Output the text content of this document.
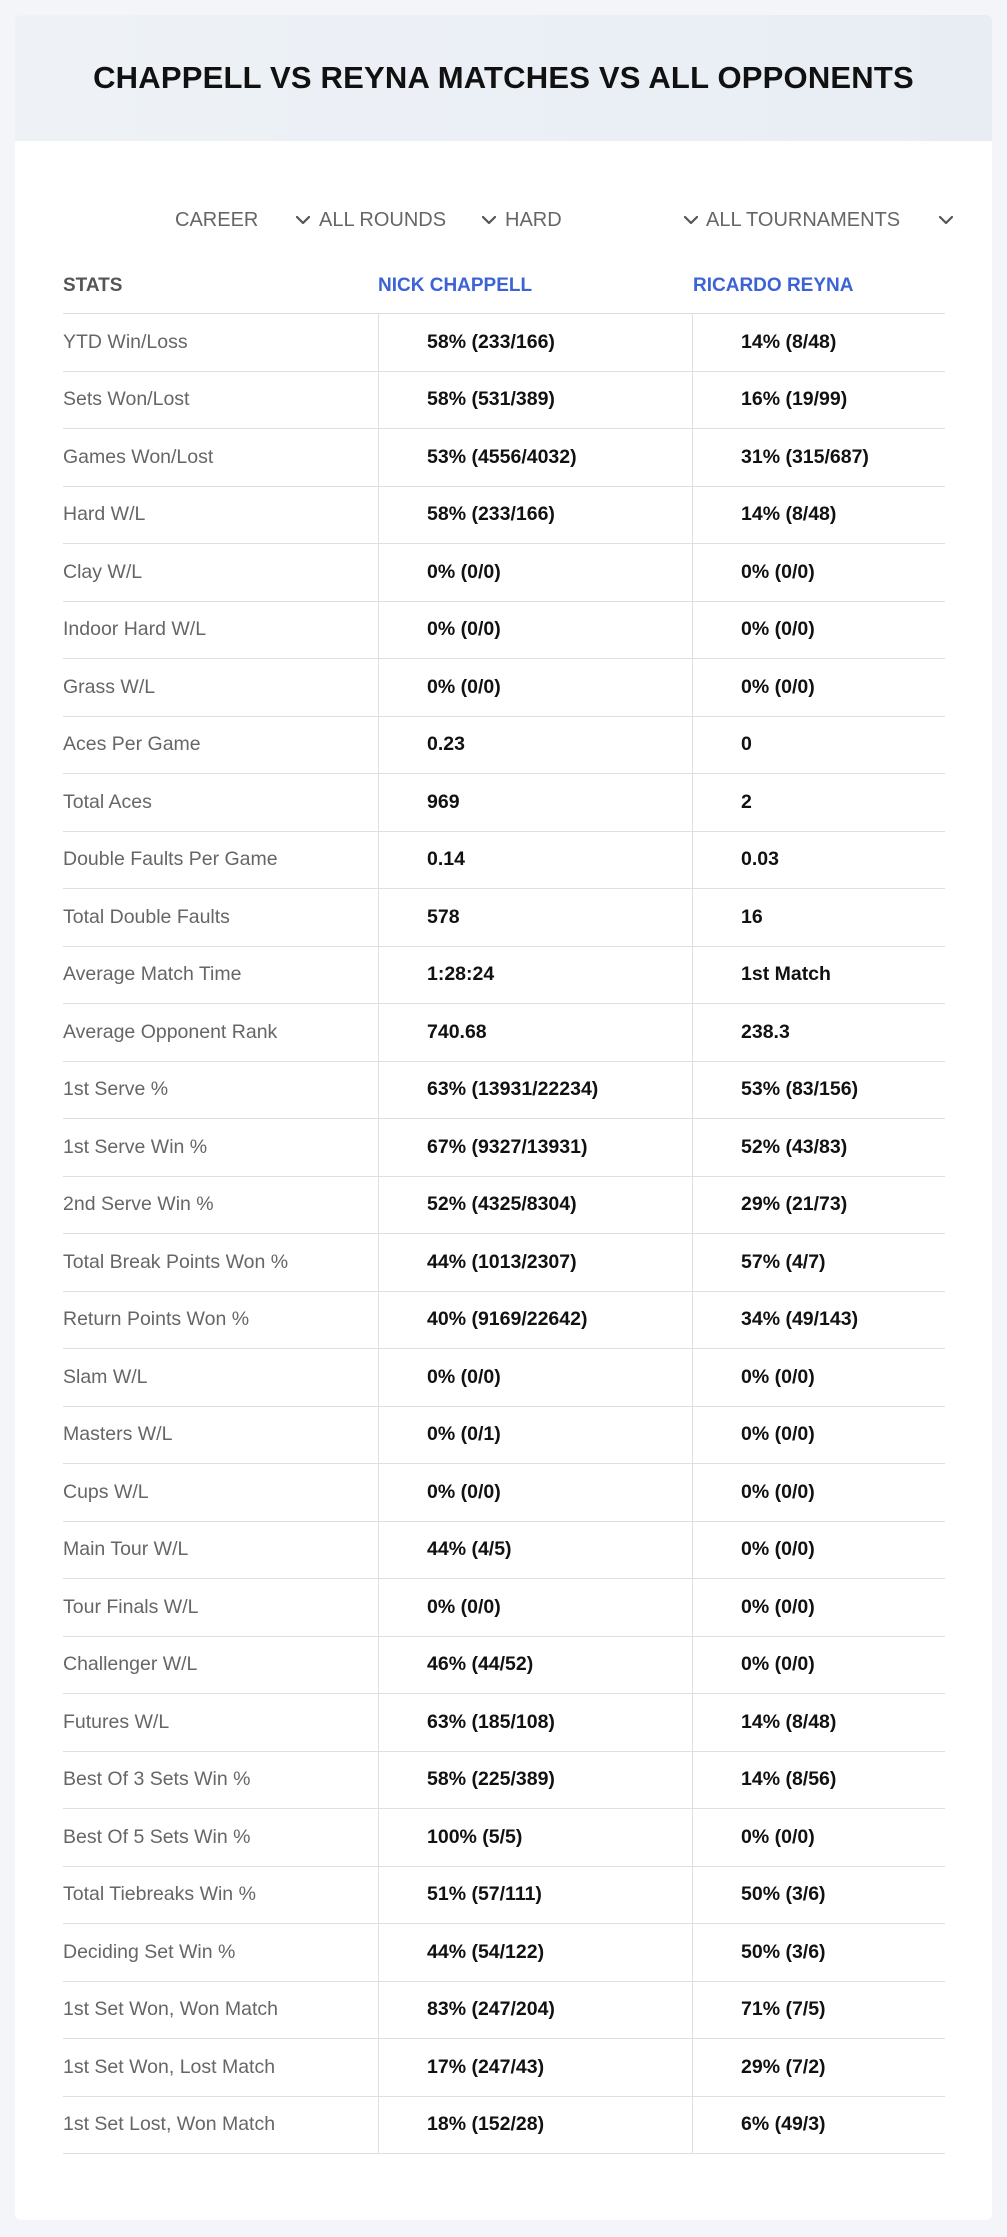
CHAPPELL VS REYNA MATCHES VS ALL OPPONENTS
CAREER	ALL ROUNDS	HARD	ALL TOURNAMENTS
STATS	NICK CHAPPELL	RICARDO REYNA
YTD Win/Loss	58% (233/166)	14% (8/48)
Sets Won/Lost	58% (531/389)	16% (19/99)
Games Won/Lost	53% (4556/4032)	31% (315/687)
Hard W/L	58% (233/166)	14% (8/48)
Clay W/L	0% (0/0)	0% (0/0)
Indoor Hard W/L	0% (0/0)	0% (0/0)
Grass W/L	0% (0/0)	0% (0/0)
Aces Per Game	0.23	0
Total Aces	969	2
Double Faults Per Game	0.14	0.03
Total Double Faults	578	16
Average Match Time	1:28:24	1st Match
Average Opponent Rank	740.68	238.3
1st Serve %	63% (13931/22234)	53% (83/156)
1st Serve Win %	67% (9327/13931)	52% (43/83)
2nd Serve Win %	52% (4325/8304)	29% (21/73)
Total Break Points Won %	44% (1013/2307)	57% (4/7)
Return Points Won %	40% (9169/22642)	34% (49/143)
Slam W/L	0% (0/0)	0% (0/0)
Masters W/L	0% (0/1)	0% (0/0)
Cups W/L	0% (0/0)	0% (0/0)
Main Tour W/L	44% (4/5)	0% (0/0)
Tour Finals W/L	0% (0/0)	0% (0/0)
Challenger W/L	46% (44/52)	0% (0/0)
Futures W/L	63% (185/108)	14% (8/48)
Best Of 3 Sets Win %	58% (225/389)	14% (8/56)
Best Of 5 Sets Win %	100% (5/5)	0% (0/0)
Total Tiebreaks Win %	51% (57/111)	50% (3/6)
Deciding Set Win %	44% (54/122)	50% (3/6)
1st Set Won, Won Match	83% (247/204)	71% (7/5)
1st Set Won, Lost Match	17% (247/43)	29% (7/2)
1st Set Lost, Won Match	18% (152/28)	6% (49/3)
